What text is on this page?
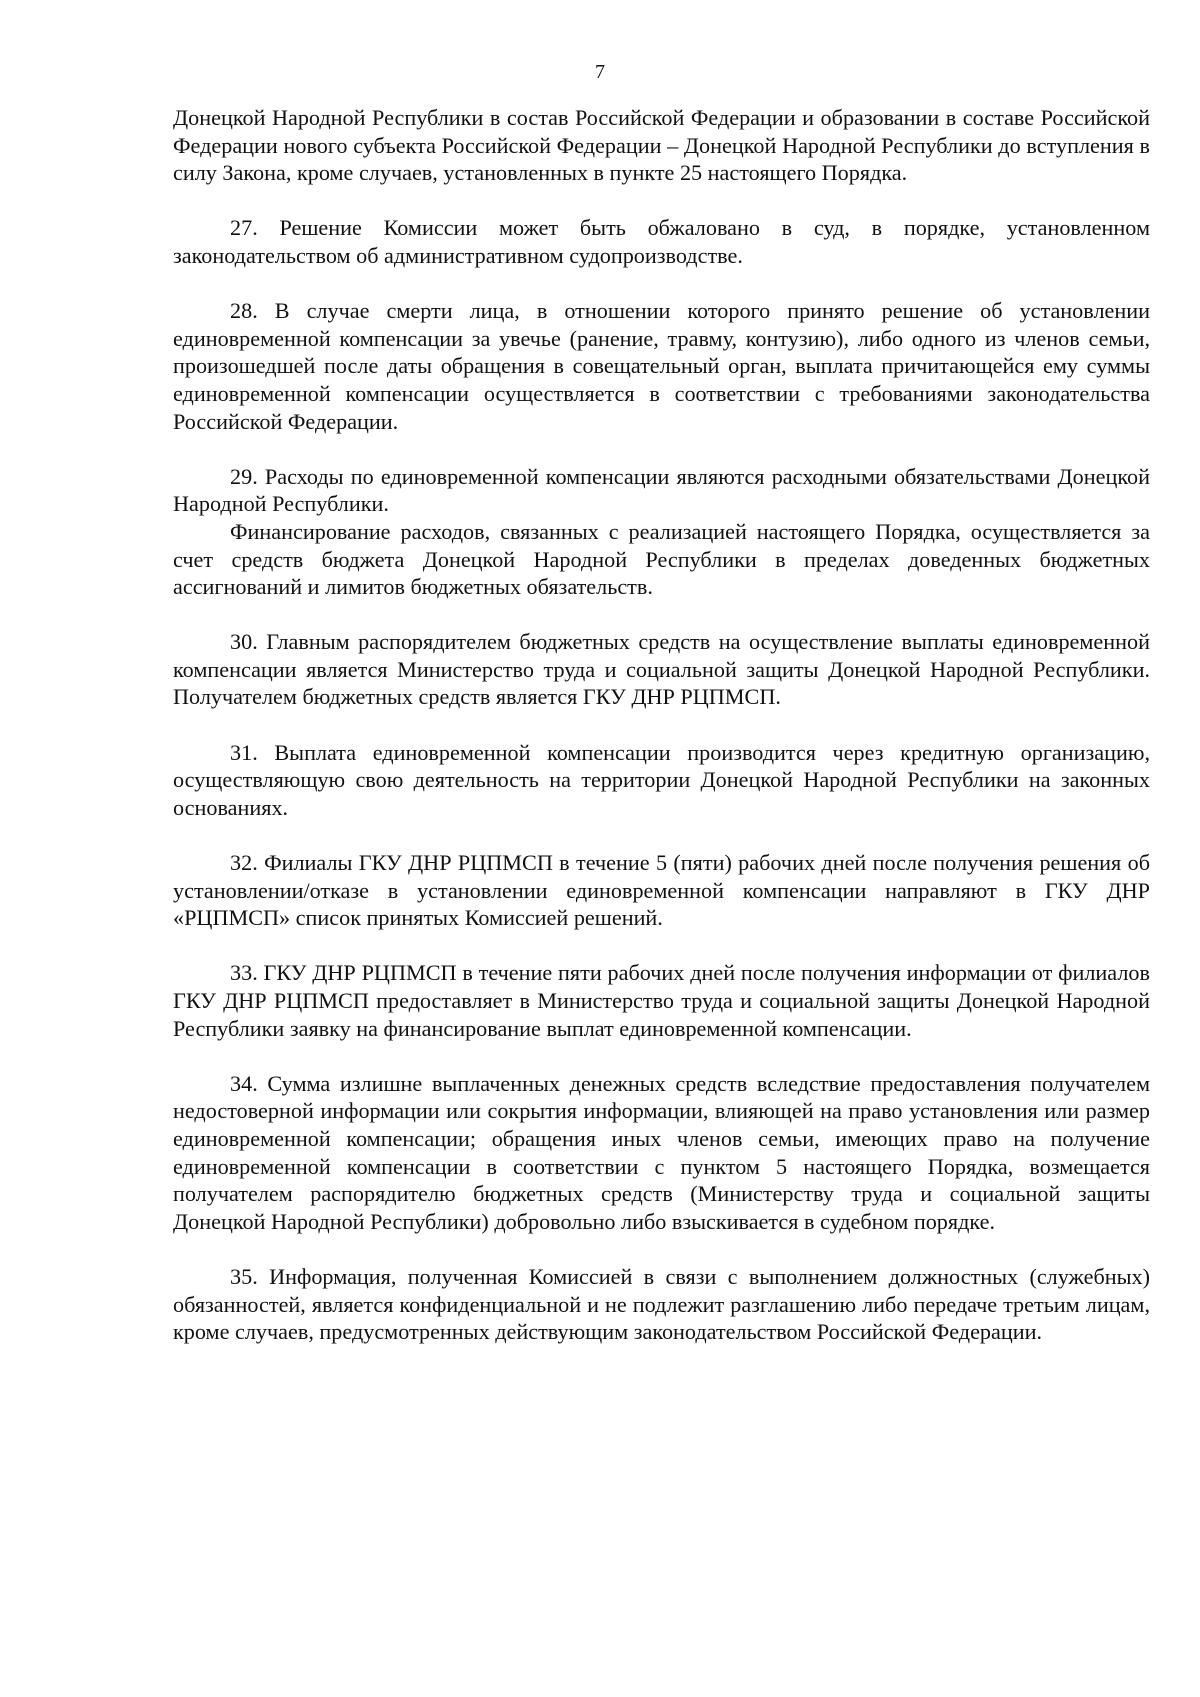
7

Донецкой Народной Республики в состав Российской Федерации и образовании в составе Российской Федерации нового субъекта Российской Федерации – Донецкой Народной Республики до вступления в силу Закона, кроме случаев, установленных в пункте 25 настоящего Порядка.

27. Решение Комиссии может быть обжаловано в суд, в порядке, установленном законодательством об административном судопроизводстве.

28. В случае смерти лица, в отношении которого принято решение об установлении единовременной компенсации за увечье (ранение, травму, контузию), либо одного из членов семьи, произошедшей после даты обращения в совещательный орган, выплата причитающейся ему суммы единовременной компенсации осуществляется в соответствии с требованиями законодательства Российской Федерации.

29. Расходы по единовременной компенсации являются расходными обязательствами Донецкой Народной Республики.

Финансирование расходов, связанных с реализацией настоящего Порядка, осуществляется за счет средств бюджета Донецкой Народной Республики в пределах доведенных бюджетных ассигнований и лимитов бюджетных обязательств.

30. Главным распорядителем бюджетных средств на осуществление выплаты единовременной компенсации является Министерство труда и социальной защиты Донецкой Народной Республики. Получателем бюджетных средств является ГКУ ДНР РЦПМСП.

31. Выплата единовременной компенсации производится через кредитную организацию, осуществляющую свою деятельность на территории Донецкой Народной Республики на законных основаниях.

32. Филиалы ГКУ ДНР РЦПМСП в течение 5 (пяти) рабочих дней после получения решения об установлении/отказе в установлении единовременной компенсации направляют в ГКУ ДНР «РЦПМСП» список принятых Комиссией решений.

33. ГКУ ДНР РЦПМСП в течение пяти рабочих дней после получения информации от филиалов ГКУ ДНР РЦПМСП предоставляет в Министерство труда и социальной защиты Донецкой Народной Республики заявку на финансирование выплат единовременной компенсации.

34. Сумма излишне выплаченных денежных средств вследствие предоставления получателем недостоверной информации или сокрытия информации, влияющей на право установления или размер единовременной компенсации; обращения иных членов семьи, имеющих право на получение единовременной компенсации в соответствии с пунктом 5 настоящего Порядка, возмещается получателем распорядителю бюджетных средств (Министерству труда и социальной защиты Донецкой Народной Республики) добровольно либо взыскивается в судебном порядке.

35. Информация, полученная Комиссией в связи с выполнением должностных (служебных) обязанностей, является конфиденциальной и не подлежит разглашению либо передаче третьим лицам, кроме случаев, предусмотренных действующим законодательством Российской Федерации.
